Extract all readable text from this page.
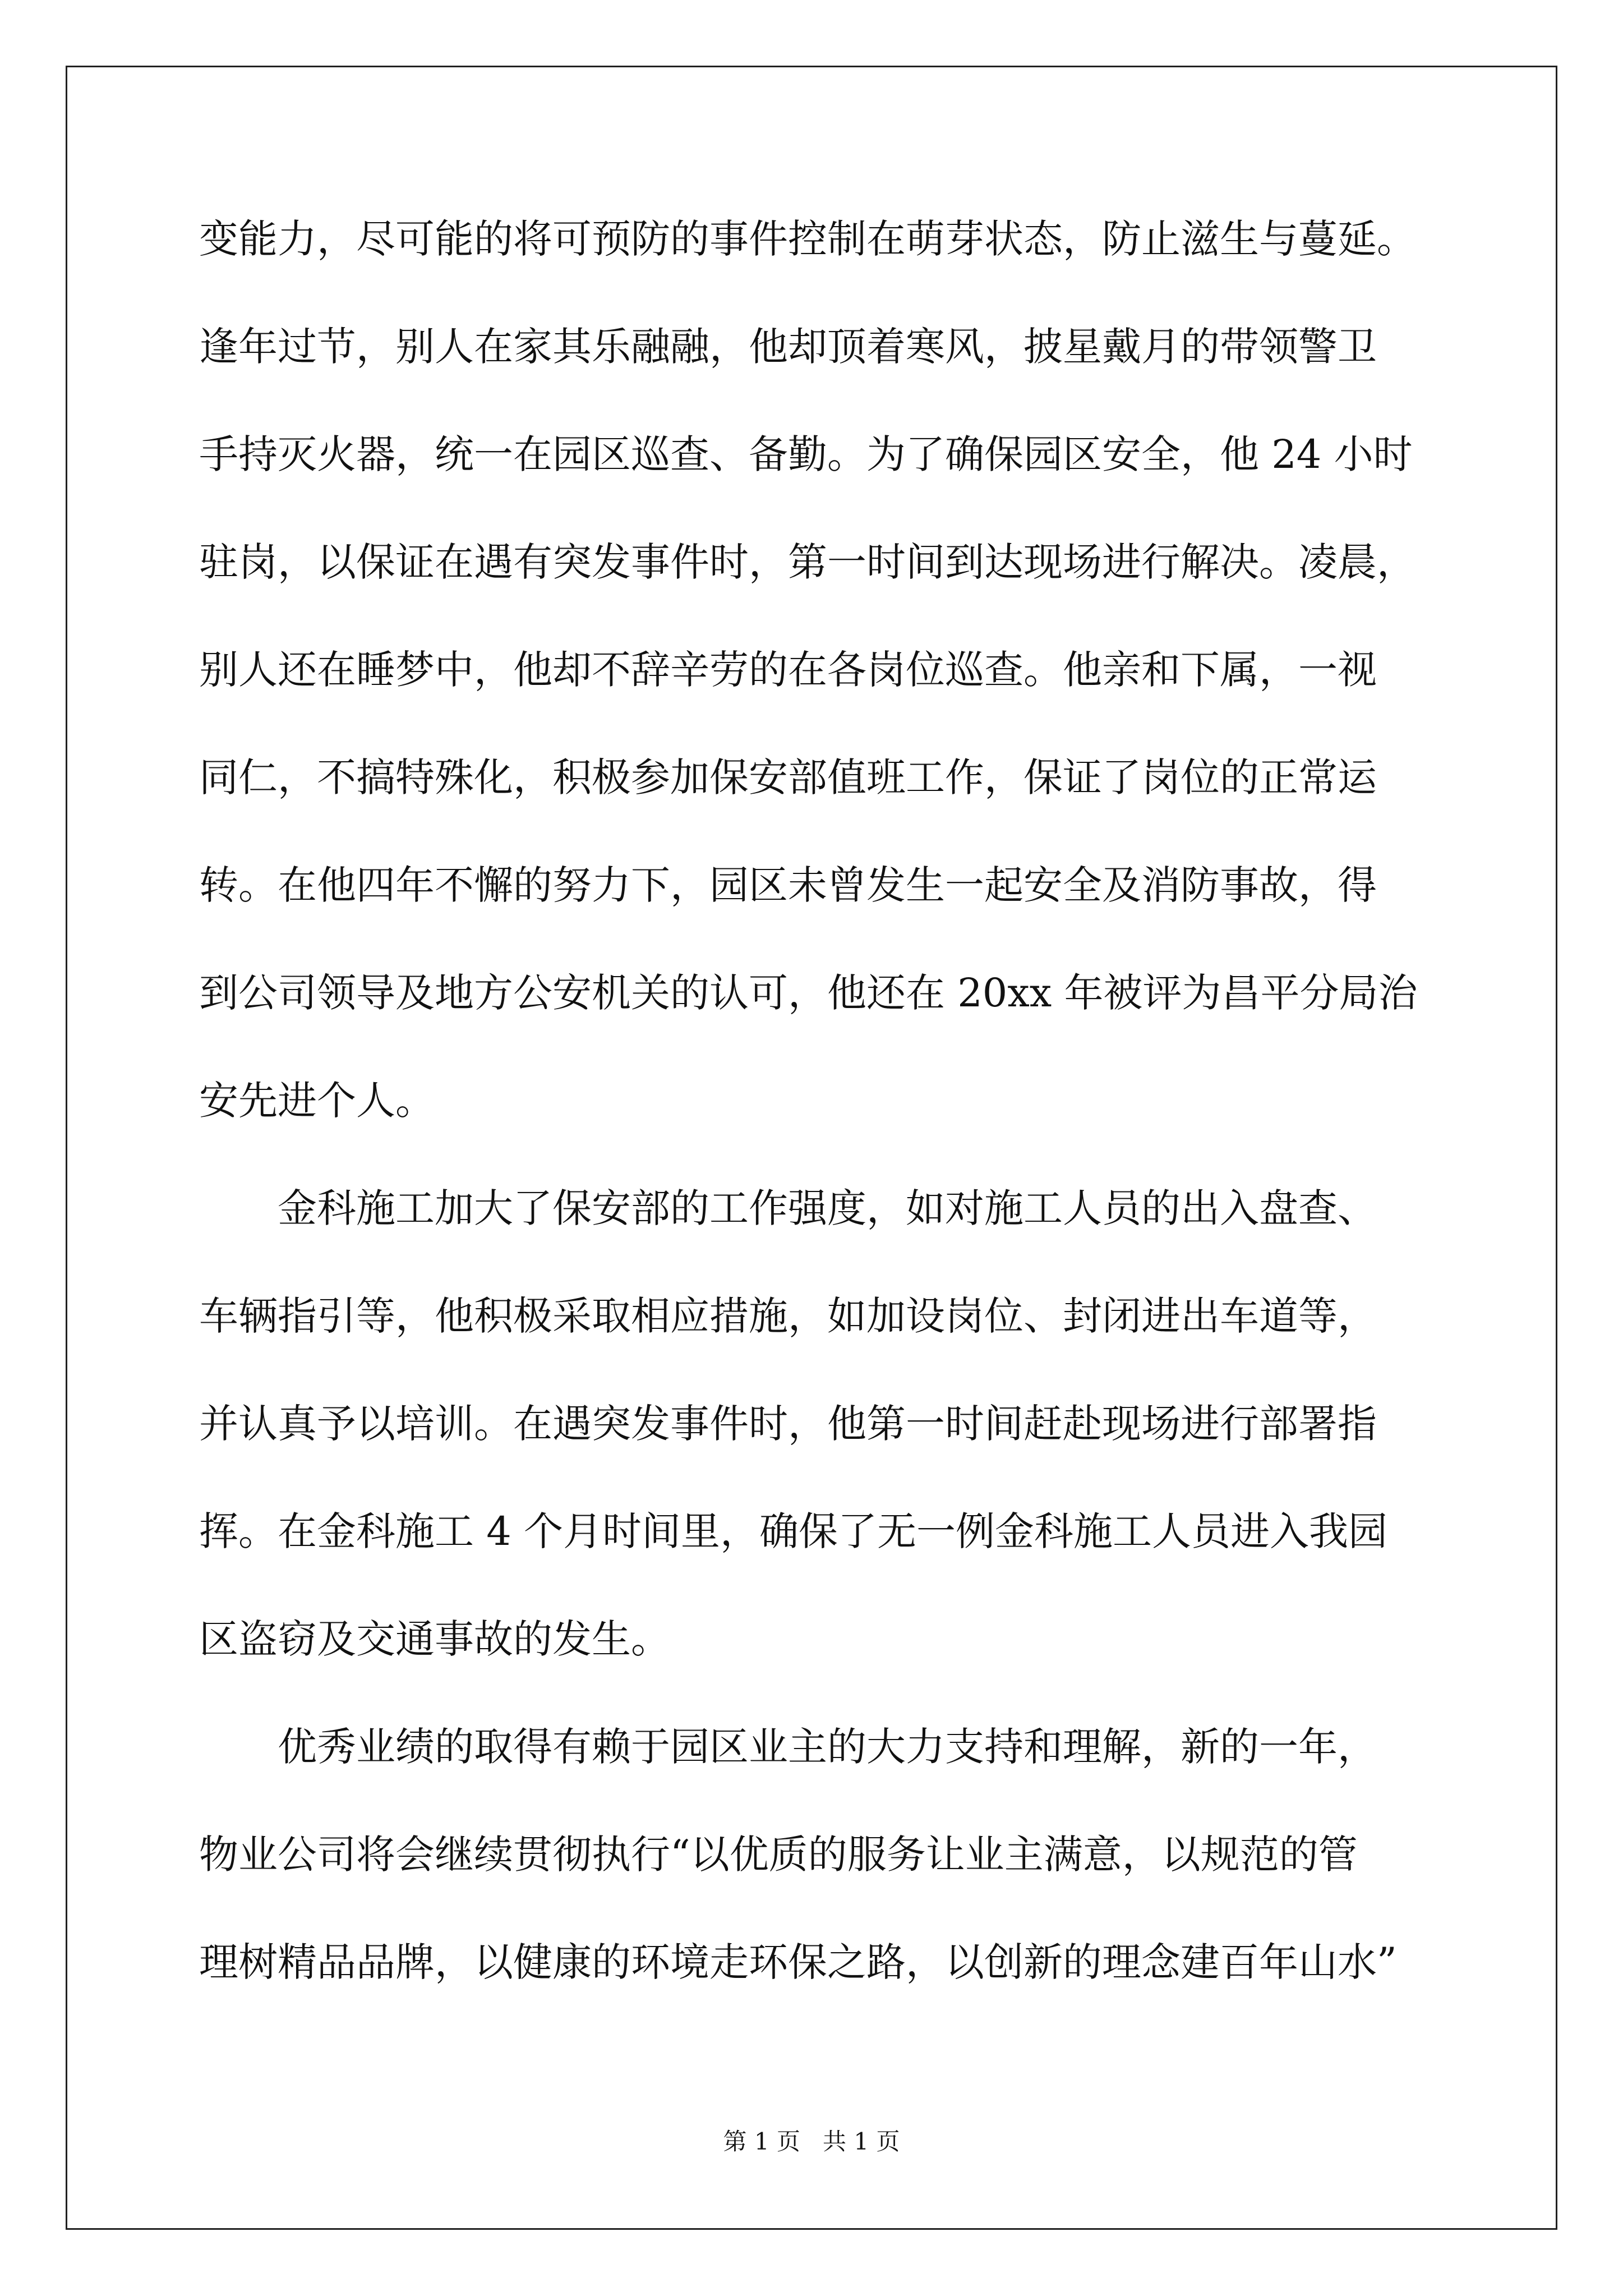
变能力，尽可能的将可预防的事件控制在萌芽状态，防止滋生与蔓延。
逢年过节，别人在家其乐融融，他却顶着寒风，披星戴月的带领警卫
手持灭火器，统一在园区巡查、备勤。为了确保园区安全，他 24 小时
驻岗，以保证在遇有突发事件时，第一时间到达现场进行解决。凌晨，
别人还在睡梦中，他却不辞辛劳的在各岗位巡查。他亲和下属，一视
同仁，不搞特殊化，积极参加保安部值班工作，保证了岗位的正常运
转。在他四年不懈的努力下，园区未曾发生一起安全及消防事故，得
到公司领导及地方公安机关的认可，他还在 20xx 年被评为昌平分局治
安先进个人。
金科施工加大了保安部的工作强度，如对施工人员的出入盘查、
车辆指引等，他积极采取相应措施，如加设岗位、封闭进出车道等，
并认真予以培训。在遇突发事件时，他第一时间赶赴现场进行部署指
挥。在金科施工 4 个月时间里，确保了无一例金科施工人员进入我园
区盗窃及交通事故的发生。
优秀业绩的取得有赖于园区业主的大力支持和理解，新的一年，
物业公司将会继续贯彻执行“以优质的服务让业主满意，以规范的管
理树精品品牌，以健康的环境走环保之路，以创新的理念建百年山水”
第 1 页   共 1 页
